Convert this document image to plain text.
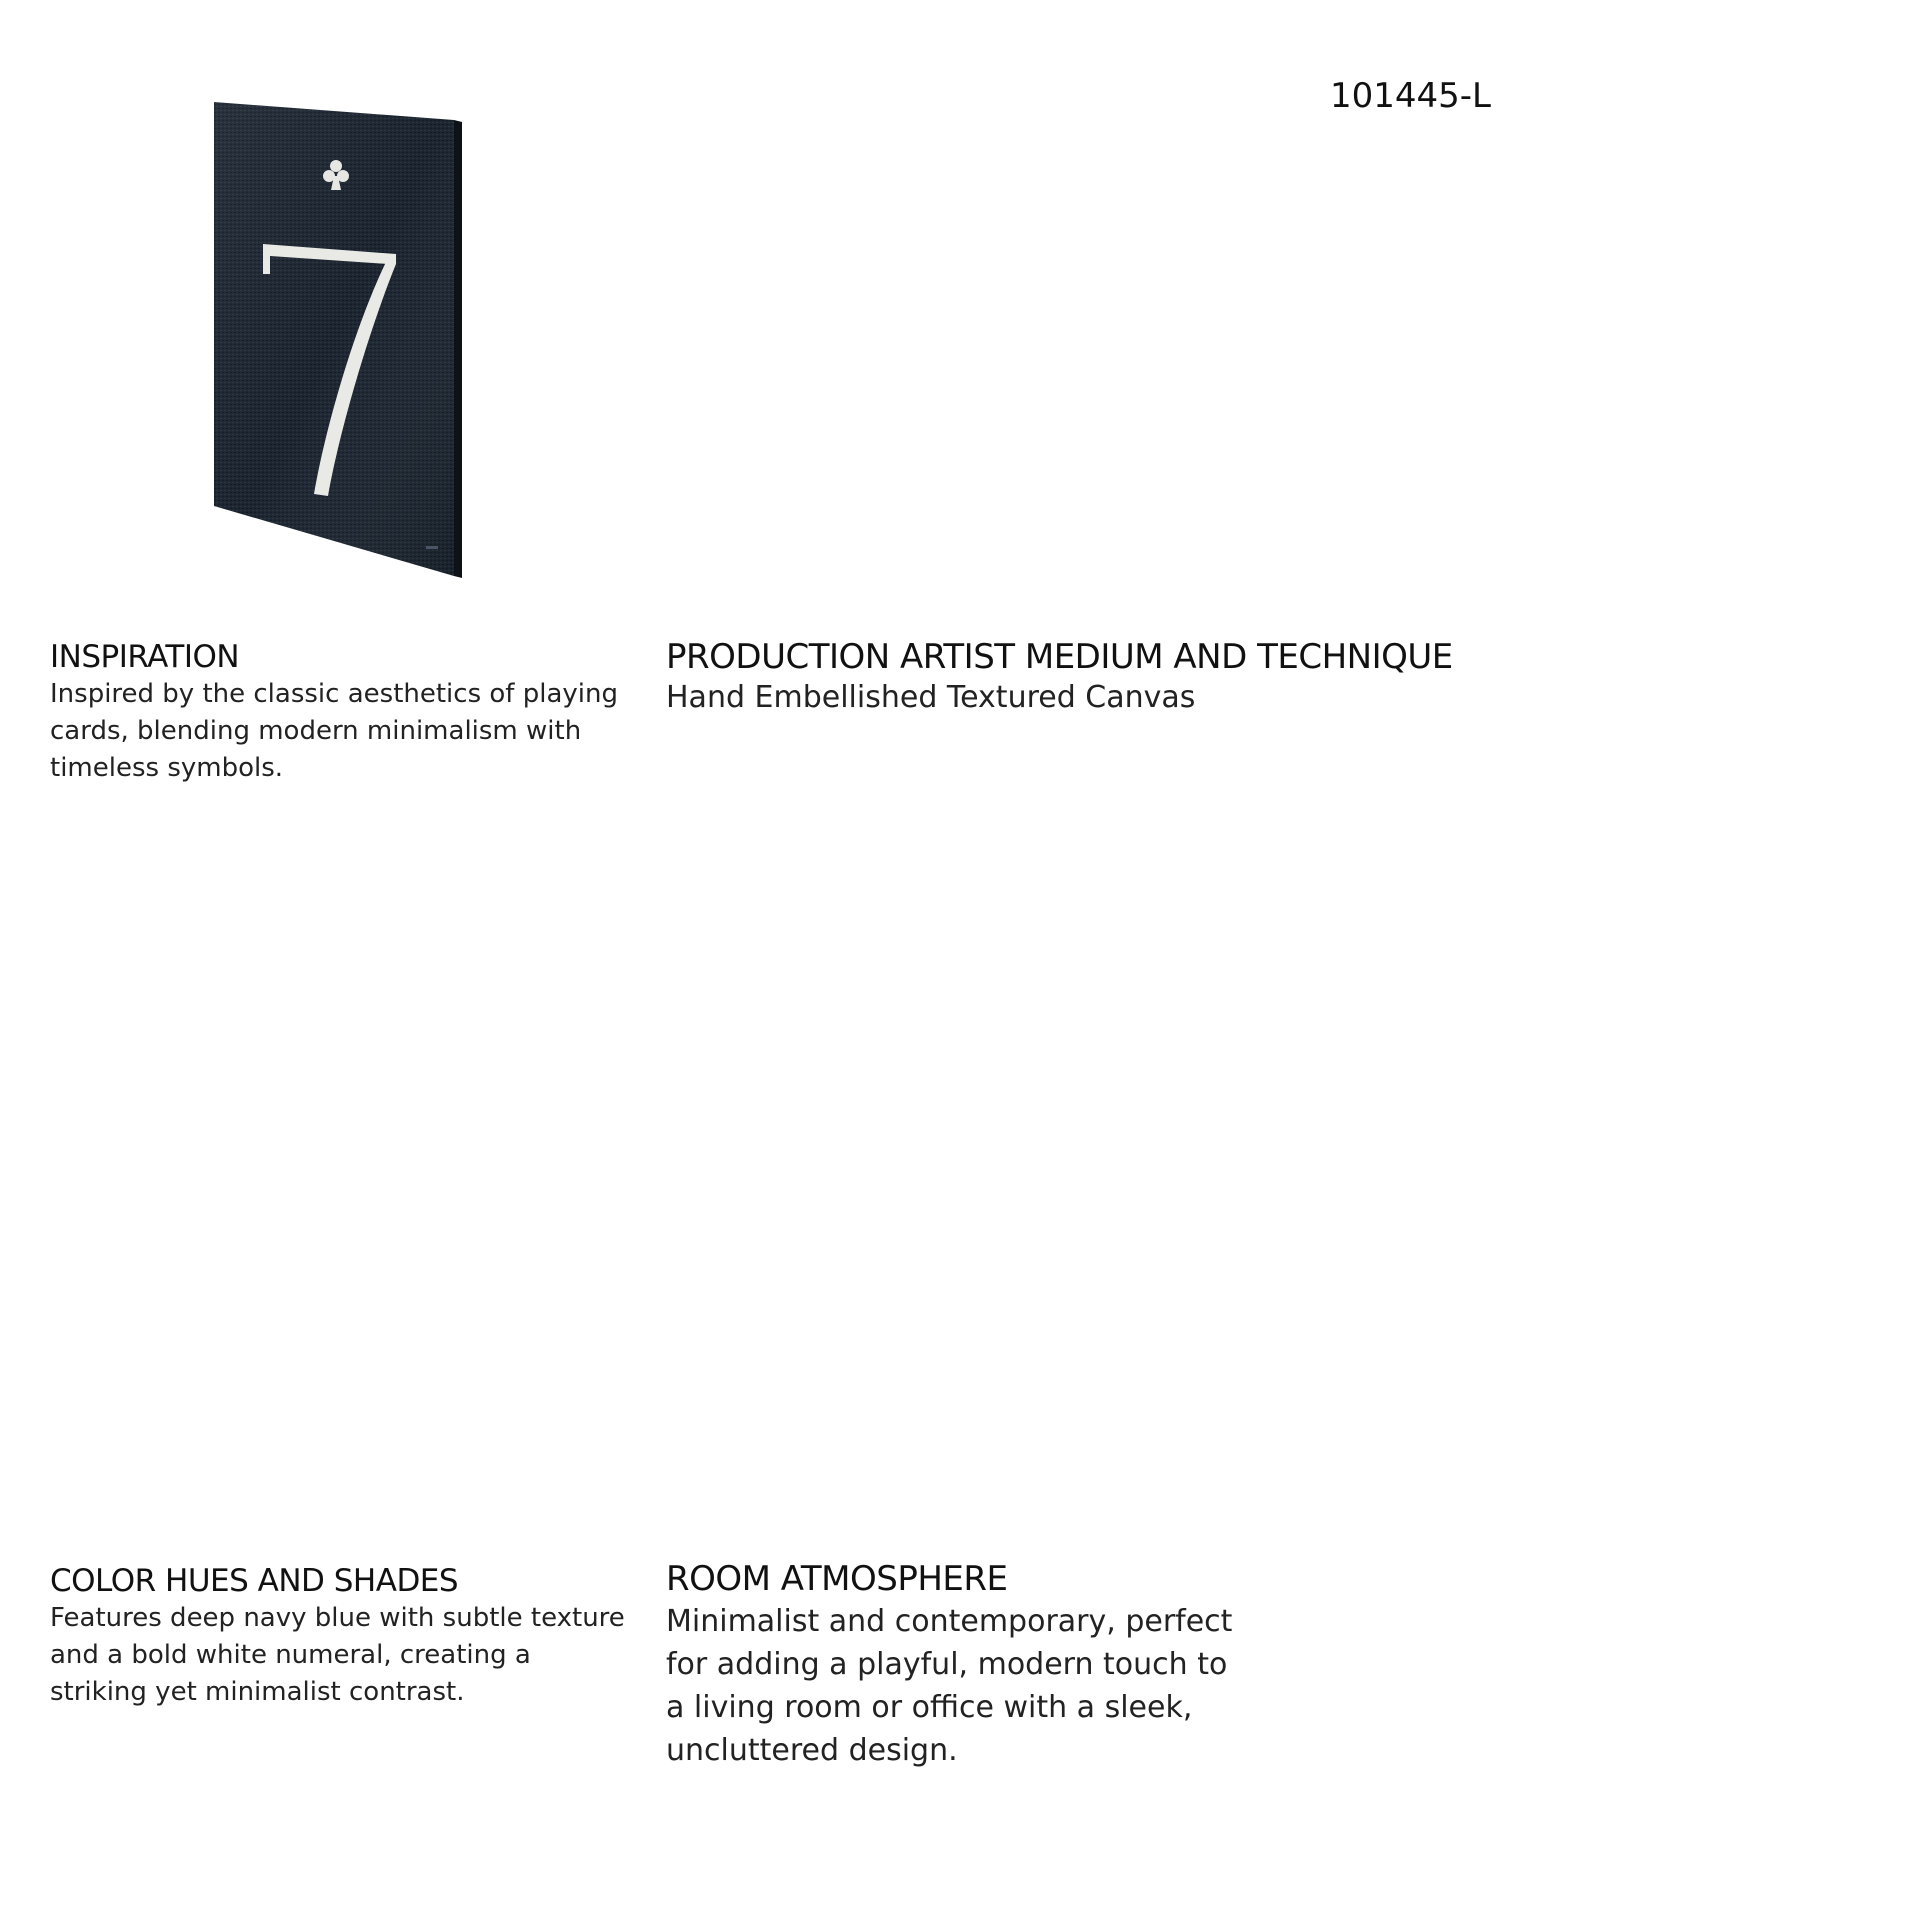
101445-L
INSPIRATION

Inspired by the classic aesthetics of playing cards, blending modern minimalism with timeless symbols.

PRODUCTION ARTIST MEDIUM AND TECHNIQUE

Hand Embellished Textured Canvas

COLOR HUES AND SHADES

Features deep navy blue with subtle texture and a bold white numeral, creating a striking yet minimalist contrast.

ROOM ATMOSPHERE

Minimalist and contemporary, perfect for adding a playful, modern touch to a living room or office with a sleek, uncluttered design.
